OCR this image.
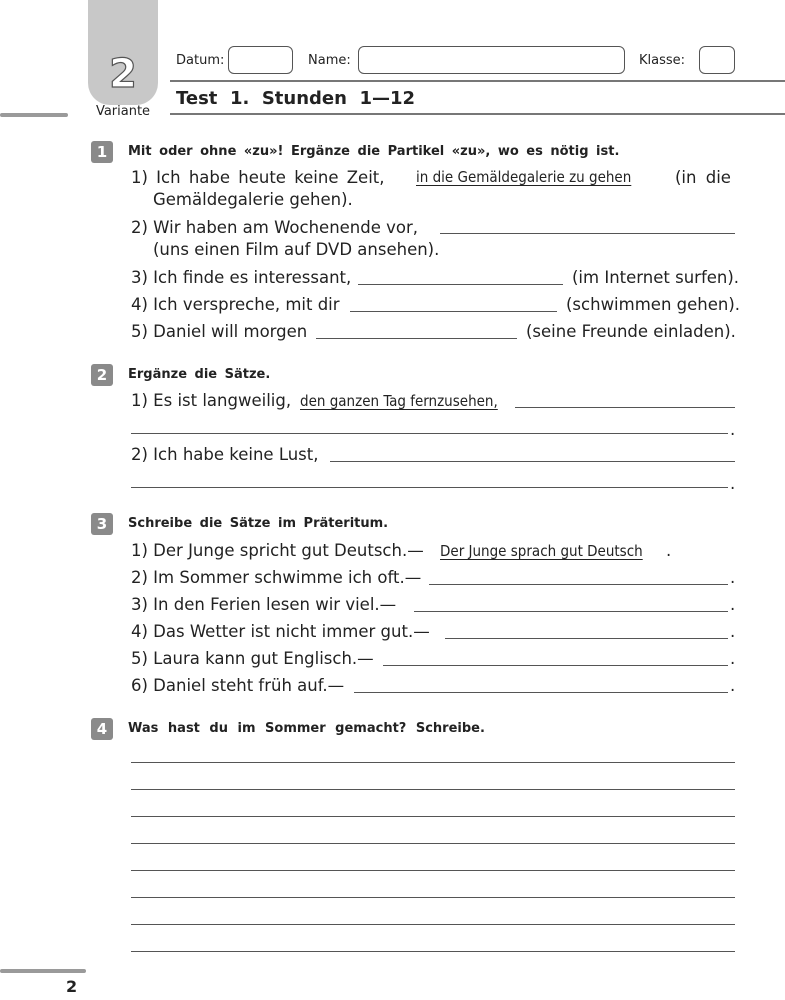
2
Variante
Datum:	Name:	Klasse:
Test  1.  Stunden  1—12
1	Mit oder ohne «zu»! Ergänze die Partikel «zu», wo es nötig ist.
1) Ich habe heute keine Zeit, in die Gemäldegalerie zu gehen	(in die
Gemäldegalerie gehen).
2) Wir haben am Wochenende vor,
(uns einen Film auf DVD ansehen).
3) Ich finde es interessant,	(im Internet surfen).
4) Ich verspreche, mit dir	(schwimmen gehen).
5) Daniel will morgen	(seine Freunde einladen).
2	Ergänze die Sätze.
1) Es ist langweilig, den ganzen Tag fernzusehen,
.
2) Ich habe keine Lust,
.
3	Schreibe die Sätze im Präteritum.
1) Der Junge spricht gut Deutsch.— Der Junge sprach gut Deutsch .
2) Im Sommer schwimme ich oft.—	.
3) In den Ferien lesen wir viel.—	.
4) Das Wetter ist nicht immer gut.—	.
5) Laura kann gut Englisch.—	.
6) Daniel steht früh auf.—	.
4	Was hast du im Sommer gemacht? Schreibe.
2
